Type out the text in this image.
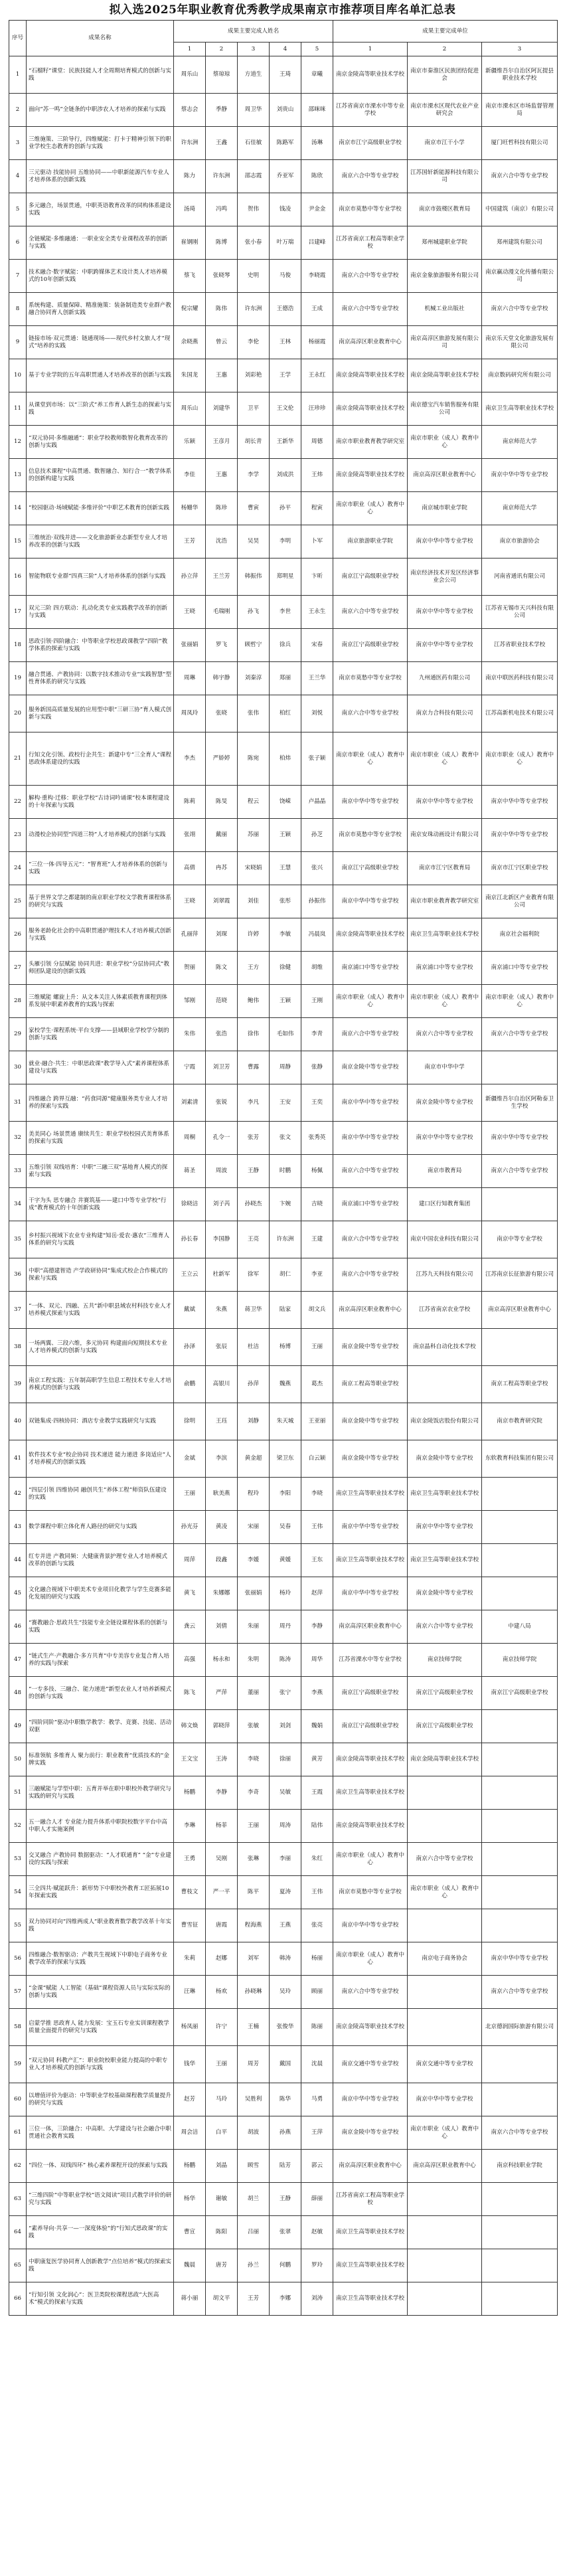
拟入选2025年职业教育优秀教学成果南京市推荐项目库名单汇总表
序号	成果名称	成果主要完成人姓名					成果主要完成单位		
		1	2	3	4	5	1	2	3
1	“石榴籽”课堂：民族技能人才全周期培育模式的创新与实践	周乐山	蔡琼琼	方道生	王琦	章曦	南京金陵高等职业技术学校	南京市秦淮区民族团结促进会	新疆维吾尔自治区阿瓦提县职业技术学校
2	面向“苏一鸣”全链条的中职涉农人才培养的探索与实践	蔡志会	季静	周卫华	刘贵山	邵咪咪	江苏省南京市溧水中等专业学校	南京市溧水区现代农业产业研究会	南京市溧水区市场监督管理局
3	三维施策、三阶导行，四维赋能：打卡于精神引领下的职业学校生态教育的创新与实践	许东洲	王鑫	石佳敏	陈路军	汤琳	南京市江宁高级职业学校	南京市江干小学	厦门旺哲科技有限公司
4	三元驱动 技能协同 五维协同——中职新能源汽车专业人才培养体系的创新实践	陈力	许东洲	邵志霞	乔亚军	陈欣	南京六合中等专业学校	江苏国轩新能源科技有限公司	南京六合中等专业学校
5	多元融合，场景贯通，中职英语教育改革的同构体系建设实践	汤琦	冯鸣	贺伟	钱凌	尹金金	南京市莫愁中等专业学校	南京市鼓楼区教育局	中国建筑（南京）有限公司
6	全链赋能·多维融通：一职业安全类专业课程改革的创新与实践	崔钢刚	陈博	张小春	叶万瑞	吕建峰	江苏省南京工程高等职业学校	郑州城建职业学院	郑州建筑有限公司
7	技术融合·数字赋能：中职跨媒体艺术设计类人才培养模式的10年创新实践	蔡飞	张晓琴	史明	马俊	李晓霞	南京六合中等专业学校	南京金象旅游服务有限公司	南京赢动漫文化传播有限公司
8	系统构建、质量保障、精准施策：装备制造类专业群产教融合协同育人创新实践	倪宗耀	陈伟	许东洲	王德浩	王成	南京六合中等专业学校	机械工业出版社	南京六合中等专业学校
9	链接市场·双元贯通：链通现场——现代乡村文旅人才“现式”培养的实践	余晓燕	曾云	李伦	王林	杨丽霞	南京高淳区职业教育中心	南京高淳区旅游发展有限公司	南京乐天堂文化旅游发展有限公司
10	基于专业学院的五年高职贯通人才培养改革的创新与实践	朱国龙	王惠	刘彩艳	王学	王永红	南京金陵高等职业技术学校	南京金陵高等职业技术学校	南京数码研究所有限公司
11	从课堂到市场：以“三阶式”养工作育人新生态的探索与实践	周乐山	刘建华	卫平	王文伦	汪珍珍	南京金陵高等职业技术学校	南京德宝汽车销售服务有限公司	南京卫生高等职业技术学校
12	“双元协同·多维融通”：职业学校教师数智化教育改革的创新与实践	乐颖	王彦月	胡长青	王新华	周德	南京市职业教育教学研究室	南京市职业（成人）教育中心	南京师范大学
13	信息技术课程“中高贯通、数智融合、知行合一”教学体系的创新构建与实践	李佳	王惠	李学	刘成洪	王炜	南京金陵高等职业技术学校	南京高淳区职业教育中心	南京中华中等专业学校
14	“校园驱动·场域赋能·多维评价”中职艺术教育的创新实践	杨姗华	陈珍	曹寅	孙平	程寅	南京市职业（成人）教育中心	南京城市职业学院	南京师范大学
15	三维统治·双线并进——文化旅游新业态新型专业人才培养改革的创新与实践	王芳	沈浩	吴昊	李明	卜军	南京旅游职业学院	南京中华中等专业学校	南京市旅游协会
16	智能物联专业群“四真三阶”人才培养体系的创新与实践	孙立萍	王兰芳	韩振伟	郑明星	卞昕	南京江宁高级职业学校	南京经济技术开发区经济事业会公司	河南省通讯有限公司
17	双元三阶 四方联动：扎动化类专业实践教学改革的创新与实践	王晓	毛瑞刚	孙飞	李世	王永生	南京六合中等专业学校	南京中华中等专业学校	江苏省无锡市天兴科技有限公司
18	思政引领·四阶融合：中等职业学校思政课教学“四阶”教学体系的探索与实践	张丽娟	罗飞	顾哲宁	徐兵	宋春	南京江宁高级职业学校	南京中华中等专业学校	江苏省职业技术学校
19	融合贯通、产教协同：以数字技术推动专业“实践智慧”型性育体系的研究与实践	周琳	韩宇静	刘秦淳	郑丽	王兰华	南京市莫愁中等专业学校	九州通医药有限公司	南京中联医药科技有限公司
20	服务新国高质量发展的应用型中职“三研三协”育人模式创新与实践	周凤玲	张晓	张伟	柏红	刘悦	南京六合中等专业学校	南京力合科技有限公司	江苏高新机电技术有限公司
21	行知文化引领、政校行企共生：新建中专“三全育人”课程思政体系建设的实践	李杰	严娇婷	陈宛	柏炜	张子颖	南京市职业（成人）教育中心	南京市职业（成人）教育中心	南京市职业（成人）教育中心
22	解构·重构·迁移：职业学校“古诗词吟诵课”校本课程建设的十年探索与实践	陈莉	陈旻	程云	饶嵘	卢晶晶	南京中华中等专业学校	南京中华中等专业学校	南京中华中等专业学校
23	动漫校企协同型“四道三特”人才培养模式的创新与实践	张翊	戴丽	苏丽	王颖	孙芝	南京市莫愁中等专业学校	南京安珠动画设计有限公司	南京中华中等专业学校
24	“三位一体·四导五元”：“智育班”人才培养体系的创新与实践	高倩	冉苏	宋晓娟	王慧	张兴	南京江宁高级职业学校	南京市江宁区教育局	南京市江宁区职业学校
25	基于世界文学之都建制的南京职业学校文学教育课程体系的研究与实践	王晓	刘翠霞	刘佳	张彤	孙振伟	南京中华中等专业学校	南京市职业教育教学研究室	南京江北新区产业教育有限公司
26	服务老龄化社会的中高职贯通护理技术人才培养模式创新与实践	孔丽萍	刘琛	许婷	李敏	冯晨岚	南京金陵高等职业技术学校	南京卫生高等职业技术学校	南京社会福利院
27	头雁引领 分层赋能 协同共进：职业学校“分层协同式”教师团队建设的创新实践	贺丽	陈文	王方	徐健	胡维	南京浦口中等专业学校	南京浦口中等专业学校	南京浦口中等专业学校
28	三维赋能 螺旋上升：从文本关注人体素质教育课程到体系发展中职素养教育的实践与探索	邹刚	范晓	鲍伟	王颖	王刚	南京市职业（成人）教育中心	南京市职业（成人）教育中心	南京市职业（成人）教育中心
29	家校学生·课程系统·平台支撑——县域职业学校学分制的创新与实践	朱伟	张浩	徐伟	毛如伟	李青	南京六合中等专业学校	南京六合中等专业学校	南京六合中等专业学校
30	就业·融合·共生：中职思政课“教学导入式“素养课程体系建设与实践	宁霞	刘卫芳	曹露	周静	张静	南京金陵中等专业学校	南京市中华中学	
31	四维融合 跨界互融：“药食同源”健康服务类专业人才培养的探索与实践	刘素清	张锐	李凡	王安	王奕	南京中华中等专业学校	南京金陵中等专业学校	新疆维吾尔自治区阿勒泰卫生学校
32	美美同心 场景贯通 赓续共生：职业学校校园式美育体系的探索与实践	周桐	孔令一	张芳	张文	张秀英	南京中华中等专业学校	南京中华中等专业学校	南京中华中等专业学校
33	五维引领 双线培育：中职“三融三双”基地育人模式的探索与实践	蒋圣	周波	王静	时鹏	杨佩	南京六合中等专业学校	南京市教育局	南京六合中等专业学校
34	干字为头 思专融合 井赛筑基——建口中等专业学校“行成”教育模式的十年创新实践	徐晓洁	刘子芮	孙晓杰	卞婉	吉晓	南京浦口中等专业学校	建口区行知教育集团	
35	乡村振兴视域下农业专业构建“知岳·爱农·惠农”三维育人体系的研究与实践	孙长春	李国静	王亮	许东洲	王建	南京六合中等专业学校	南京中国农业科技有限公司	南京中等专业学校
36	中职“高德建智造 产学政研协同”集成式校企合作模式的探索与实践	王立云	杜新军	徐军	胡仁	李亚	南京六合中等专业学校	江苏九天科技有限公司	江苏南京长征旅游有限公司
37	“一体、双元、四融、五共”新中职县域农村科技专业人才培养模式探索与实践	戴斌	朱燕	蒋卫华	陆家	胡文兵	南京高淳区职业教育中心	江苏省南京农业学校	南京高淳区职业教育中心
38	一场两翼、三段六维，多元协同 构建面向短期技术专业人才培养模式的创新与实践	孙泽	张辰	杜洁	杨博	王丽	南京金陵中等专业学校	南京晶科自动化技术学校	
39	南京工程实践：五年制高职学生信息工程技术专业人才培养模式的创新与实践	俞鹏	高银川	孙萍	魏燕	葛杰	南京工程高等职业学校		南京工程高等职业学校
40	双链集成·四核协同：酒店专业教学实践研究与实践	徐明	王珏	刘静	朱天城	王亚丽	南京金陵中等专业学校	南京金陵饭店股份有限公司	南京市教育研究院
41	软件技术专业“校企协同 技术递进 能力递进 多岗适应”人才培养模式的创新实践	金斌	李滨	黄金超	梁卫东	白云颖	南京金陵中等专业学校	南京金陵中等专业学校	东软教育科技集团有限公司
42	“四层引领 四维协同 融创共生”养体工程”师资队伍建设的实践	王丽	耿美燕	程玲	李阳	李晓	南京卫生高等职业技术学校	南京卫生高等职业技术学校	
43	数学课程中职立体化育人路径的研究与实践	孙光芬	黄凌	宋丽	吴春	王伟	南京中华中等专业学校	南京中华中等专业学校	
44	红专并进 产教同频：大健康背景护理专业人才培养模式改革的创新与实践	周萍	段鑫	李媛	黄媛	王东	南京卫生高等职业技术学校	南京卫生高等职业技术学校	
45	文化融合视域下中职美术专业项目化教学与学生竞赛多能化发展的研究与实践	黄飞	朱娜娜	张丽娟	杨玲	赵萍	南京中华中等专业学校	南京金陵中等专业学校	
46	“赛教融合·思政共生”技能专业全链设课程体系的创新与实践	龚云	刘倩	朱丽	周丹	李静	南京高淳区职业教育中心	南京六合中等专业学校	中建八局
47	“链式生产·产教融合·多方共育”中专美容专业复合育人培养的实践与探索	高强	杨永和	朱明	陈涛	周华	江苏省溧水中等专业学校	南京技师学院	南京技师学院
48	“一专多技、三融合、能力递进”新型农业人才培养新模式的创新与实践	陈飞	严萍	董丽	张宁	李燕	南京江宁高级职业学校	南京江宁高级职业学校	南京江宁高级职业学校
49	“四阶同阶”驱动中职数学教学：教学、竞赛、技能、活动双驱	韩文焕	郭晓萍	张敏	刘剑	魏娟	南京江宁高级职业学校	南京江宁高级职业学校	
50	标准领航 多维育人 聚力前行：职业教育“优质技术的“金牌实践	王文宝	王涛	李晓	徐丽	黄芳	南京金陵高等职业技术学校	南京金陵高等职业技术学校	
51	三融赋能与学型中职：五育并举在职中职校外教学研究与实践的研究与实践	杨鹏	李静	李奇	吴敏	王霞	南京卫生高等职业技术学校		
52	五一融合人才 专业能力提升体系中职院校数字平台中高中职人才实施案例	李琳	杨菲	王丽	周涛	陆伟	南京金陵高等职业技术学校		
53	交叉融合 产教协同 数据驱动：“人才联通育” “金”专业建设的实践与探索	王勇	吴刚	张琳	李丽	朱红	南京市职业（成人）教育中心	南京六合中等专业学校	
54	三全四共·赋能跃升：新形势下中职校外教育工匠拓展10年探索实践	曹枝文	严一平	陈平	夏涛	王伟	南京市莫愁中等专业学校	南京市职业（成人）教育中心	
55	双力协同对向“四维两成人”职业教育数学教学改革十年实践	曹雪征	唐霞	程海燕	王燕	张亮	南京中华中等专业学校		
56	四维融合·数智驱动：产教共生视域下中职电子商务专业教学改革的探索与实践	朱莉	赵娜	刘军	韩涛	杨丽	南京市职业（成人）教育中心	南京电子商务协会	南京中华中等专业学校
57	“金课”赋能 人工智能（基础”课程资源人员与实际实际的创新与实践	汪琳	杨欢	孙晓琳	吴玲	顾丽	南京六合中等专业学校		南京六合中等专业学校
58	启蒙学推 思政育人 能力发展：宝玉石专业实训课程教学质量全面提升的研究与实践	杨凤丽	许宁	王楠	张俊华	陈丽	南京金陵高等职业技术学校		北京德润国际旅游有限公司
59	“双元协同 科教产汇”：职业院校职业能力提高的中职专业人才培养模式的创新与实践	钱华	王丽	周芳	戴国	沈晨	南京交通中等专业学校	南京交通中等专业学校	
60	以增值评价为驱动：中等职业学校基础课程教学质量提升的研究与实践	赵芳	马玲	吴胜利	陈华	马勇	南京中华中等专业学校	南京中华中等专业学校	
61	三位一体，三阶融合：中高职、大学建设与社会融合中职贯通社会教育实践	周会洁	白平	胡波	孙燕	王萍	南京金陵中等专业学校	南京市职业（成人）教育中心	南京六合中等专业学校
62	“四位一体、双线四环” 核心素养课程开设的探索与实践	杨鹏	刘晶	顾雪	陆芳	郭云	南京高淳区职业教育中心	南京高淳区职业教育中心	南京科技职业学院
63	“三维四阶”中等职业学校“语文阅读”项目式教学评价的研究与实践	杨华	谢敏	胡兰	王静	薛丽	江苏省南京工程高等职业学校		
64	“素养导向·共享一—一深度体验”的“行知式思政课”的实践	曹宣	陈阳	吕丽	张翠	赵敏	南京卫生高等职业技术学校		
65	中职康复医学协同育人创新教学“点位培养”模式的探索实践	魏晨	唐芳	孙兰	何鹏	罗玲	南京卫生高等职业技术学校		
66	“行知引领 文化润心”：医卫类院校课程思政“大医高术”模式的探索与实践	蒋小丽	胡文平	王芳	李娜	刘涛	南京卫生高等职业技术学校		
